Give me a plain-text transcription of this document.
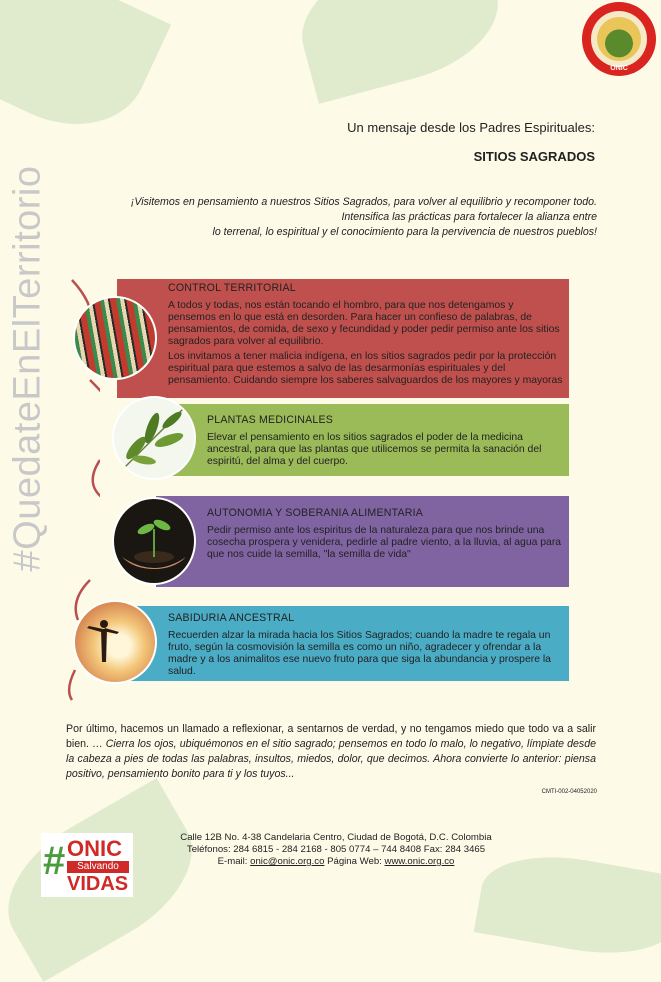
#QuedateEnElTerritorio
ONIC
Un mensaje desde los Padres Espirituales:
SITIOS SAGRADOS
¡Visitemos en pensamiento a nuestros Sitios Sagrados, para volver al equilibrio y recomponer todo.
Intensifica las prácticas para fortalecer la alianza entre
lo terrenal, lo espiritual y el conocimiento para la pervivencia de nuestros pueblos!
CONTROL TERRITORIAL

A todos y todas, nos están tocando el hombro, para que nos detengamos y pensemos en lo que está en desorden. Para hacer un confieso de palabras, de pensamientos, de comida, de sexo y fecundidad y poder pedir permiso ante los sitios sagrados para volver al equilibrio.

Los invitamos a tener malicia indígena, en los sitios sagrados pedir por la protección espiritual para que estemos a salvo de las desarmonías espirituales y del pensamiento. Cuidando siempre los saberes salvaguardos de los mayores y mayoras

PLANTAS MEDICINALES

Elevar el pensamiento en los sitios sagrados el poder de la medicina ancestral, para que las plantas que utilicemos se permita la sanación del espiritú, del alma y del cuerpo.

AUTONOMIA Y SOBERANIA ALIMENTARIA

Pedir permiso ante los espiritus de la naturaleza para que nos brinde una cosecha prospera y venidera, pedirle al padre viento, a la lluvia, al agua para que nos cuide la semilla, "la semilla de vida"

SABIDURIA ANCESTRAL

Recuerden alzar la mirada hacia los Sitios Sagrados; cuando la madre te regala un fruto, según la cosmovisión la semilla es como un niño, agradecer y ofrendar a la madre y a los animalitos ese nuevo fruto para que siga la abundancia y prospere la salud.

Por último, hacemos un llamado a reflexionar, a sentarnos de verdad, y no tengamos miedo que todo va a salir bien. … Cierra los ojos, ubiquémonos en el sitio sagrado; pensemos en todo lo malo, lo negativo, límpiate desde la cabeza a pies de todas las palabras, insultos, miedos, dolor, que decimos. Ahora convierte lo anterior: piensa positivo, pensamiento bonito para ti y los tuyos...
CMTI-002-04052020
# ONIC
Salvando
VIDAS
Calle 12B No. 4-38 Candelaria Centro, Ciudad de Bogotá, D.C. Colombia
Teléfonos: 284 6815 - 284 2168 - 805 0774 – 744 8408 Fax: 284 3465
E-mail: onic@onic.org.co Página Web: www.onic.org.co
